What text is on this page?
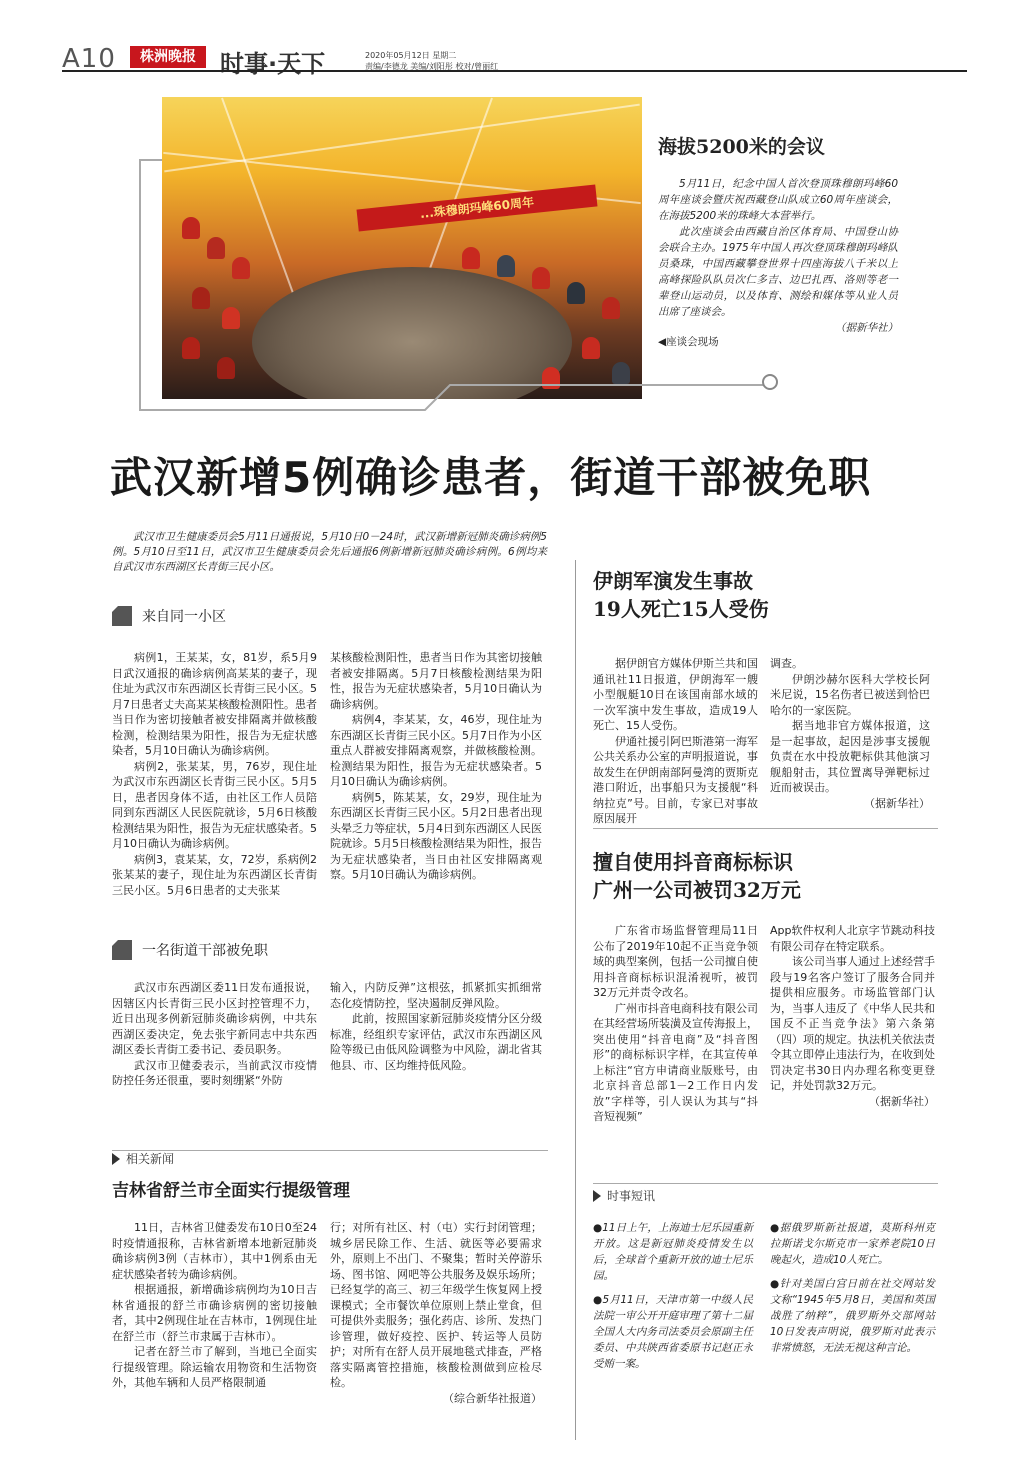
A10	株洲晚报	时事·天下	2020年05月12日 星期二
责编/李德龙 美编/刘阳彤 校对/曾丽红
...珠穆朗玛峰60周年
海拔5200米的会议
5月11日，纪念中国人首次登顶珠穆朗玛峰60周年座谈会暨庆祝西藏登山队成立60周年座谈会，在海拔5200米的珠峰大本营举行。
此次座谈会由西藏自治区体育局、中国登山协会联合主办。1975年中国人再次登顶珠穆朗玛峰队员桑珠，中国西藏攀登世界十四座海拔八千米以上高峰探险队队员次仁多吉、边巴扎西、洛则等老一辈登山运动员，以及体育、测绘和媒体等从业人员出席了座谈会。
（据新华社）
◀座谈会现场
武汉新增5例确诊患者，街道干部被免职
武汉市卫生健康委员会5月11日通报说，5月10日0－24时，武汉新增新冠肺炎确诊病例5例。5月10日至11日，武汉市卫生健康委员会先后通报6例新增新冠肺炎确诊病例。6例均来自武汉市东西湖区长青街三民小区。
来自同一小区
病例1，王某某，女，81岁，系5月9日武汉通报的确诊病例高某某的妻子，现住址为武汉市东西湖区长青街三民小区。5月7日患者丈夫高某某核酸检测阳性。患者当日作为密切接触者被安排隔离并做核酸检测，检测结果为阳性，报告为无症状感染者，5月10日确认为确诊病例。
病例2，张某某，男，76岁，现住址为武汉市东西湖区长青街三民小区。5月5日，患者因身体不适，由社区工作人员陪同到东西湖区人民医院就诊，5月6日核酸检测结果为阳性，报告为无症状感染者。5月10日确认为确诊病例。
病例3，袁某某，女，72岁，系病例2张某某的妻子，现住址为东西湖区长青街三民小区。5月6日患者的丈夫张某
某核酸检测阳性，患者当日作为其密切接触者被安排隔离。5月7日核酸检测结果为阳性，报告为无症状感染者，5月10日确认为确诊病例。
病例4，李某某，女，46岁，现住址为东西湖区长青街三民小区。5月7日作为小区重点人群被安排隔离观察，并做核酸检测。检测结果为阳性，报告为无症状感染者。5月10日确认为确诊病例。
病例5，陈某某，女，29岁，现住址为东西湖区长青街三民小区。5月2日患者出现头晕乏力等症状，5月4日到东西湖区人民医院就诊。5月5日核酸检测结果为阳性，报告为无症状感染者，当日由社区安排隔离观察。5月10日确认为确诊病例。
一名街道干部被免职
武汉市东西湖区委11日发布通报说，因辖区内长青街三民小区封控管理不力，近日出现多例新冠肺炎确诊病例，中共东西湖区委决定，免去张宇新同志中共东西湖区委长青街工委书记、委员职务。
武汉市卫健委表示，当前武汉市疫情防控任务还很重，要时刻绷紧“外防
输入，内防反弹”这根弦，抓紧抓实抓细常态化疫情防控，坚决遏制反弹风险。
此前，按照国家新冠肺炎疫情分区分级标准，经组织专家评估，武汉市东西湖区风险等级已由低风险调整为中风险，湖北省其他县、市、区均维持低风险。
相关新闻
吉林省舒兰市全面实行提级管理
11日，吉林省卫健委发布10日0至24时疫情通报称，吉林省新增本地新冠肺炎确诊病例3例（吉林市），其中1例系由无症状感染者转为确诊病例。
根据通报，新增确诊病例均为10日吉林省通报的舒兰市确诊病例的密切接触者，其中2例现住址在吉林市，1例现住址在舒兰市（舒兰市隶属于吉林市）。
记者在舒兰市了解到，当地已全面实行提级管理。除运输农用物资和生活物资外，其他车辆和人员严格限制通
行；对所有社区、村（屯）实行封闭管理；城乡居民除工作、生活、就医等必要需求外，原则上不出门、不聚集；暂时关停游乐场、图书馆、网吧等公共服务及娱乐场所；已经复学的高三、初三年级学生恢复网上授课模式；全市餐饮单位原则上禁止堂食，但可提供外卖服务；强化药店、诊所、发热门诊管理，做好疫控、医护、转运等人员防护；对所有在舒人员开展地毯式排查，严格落实隔离管控措施，核酸检测做到应检尽检。
（综合新华社报道）
伊朗军演发生事故
19人死亡15人受伤
据伊朗官方媒体伊斯兰共和国通讯社11日报道，伊朗海军一艘小型舰艇10日在该国南部水域的一次军演中发生事故，造成19人死亡、15人受伤。
伊通社援引阿巴斯港第一海军公共关系办公室的声明报道说，事故发生在伊朗南部阿曼湾的贾斯克港口附近，出事船只为支援舰“科纳拉克”号。目前，专家已对事故原因展开
调查。
伊朗沙赫尔医科大学校长阿米尼说，15名伤者已被送到恰巴哈尔的一家医院。
据当地非官方媒体报道，这是一起事故，起因是涉事支援舰负责在水中投放靶标供其他演习舰船射击，其位置离导弹靶标过近而被误击。
（据新华社）
擅自使用抖音商标标识
广州一公司被罚32万元
广东省市场监督管理局11日公布了2019年10起不正当竞争领域的典型案例，包括一公司擅自使用抖音商标标识混淆视听，被罚32万元并责令改名。
广州市抖音电商科技有限公司在其经营场所装潢及宣传海报上，突出使用“抖音电商”及“抖音图形”的商标标识字样，在其宣传单上标注“官方申请商业版账号，由北京抖音总部1－2工作日内发放”字样等，引人误认为其与“抖音短视频”
App软件权利人北京字节跳动科技有限公司存在特定联系。
该公司当事人通过上述经营手段与19名客户签订了服务合同并提供相应服务。市场监管部门认为，当事人违反了《中华人民共和国反不正当竞争法》第六条第（四）项的规定。执法机关依法责令其立即停止违法行为，在收到处罚决定书30日内办理名称变更登记，并处罚款32万元。
（据新华社）
时事短讯
●11日上午，上海迪士尼乐园重新开放。这是新冠肺炎疫情发生以后，全球首个重新开放的迪士尼乐园。
●5月11日，天津市第一中级人民法院一审公开开庭审理了第十二届全国人大内务司法委员会原副主任委员、中共陕西省委原书记赵正永受贿一案。
●据俄罗斯新社报道，莫斯科州克拉斯诺戈尔斯克市一家养老院10日晚起火，造成10人死亡。
●针对美国白宫日前在社交网站发文称“1945年5月8日，美国和英国战胜了纳粹”，俄罗斯外交部网站10日发表声明说，俄罗斯对此表示非常愤怒，无法无视这种言论。
